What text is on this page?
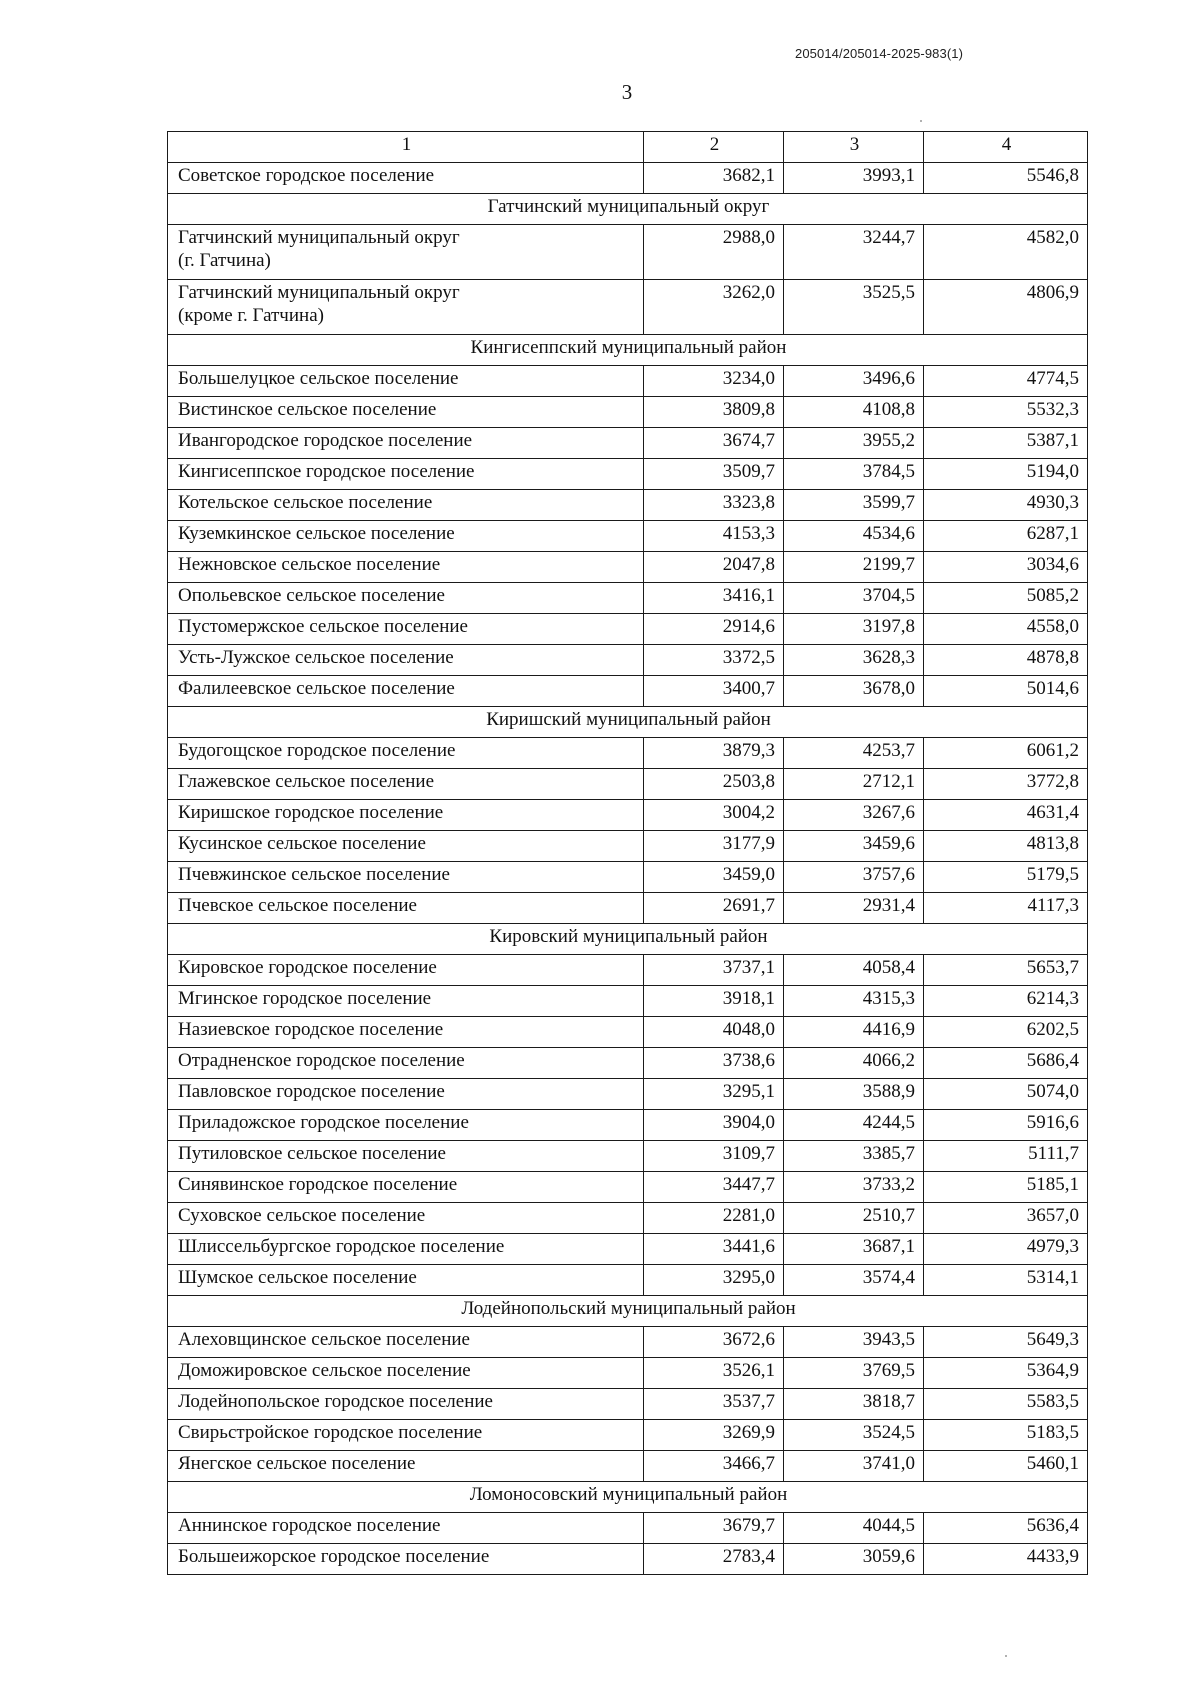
205014/205014-2025-983(1)
3
1	2	3	4

Советское городское поселение	3682,1	3993,1	5546,8
Гатчинский муниципальный округ			

Гатчинский муниципальный округ
(г. Гатчина)	2988,0	3244,7	4582,0

Гатчинский муниципальный округ
(кроме г. Гатчина)	3262,0	3525,5	4806,9
Кингисеппский муниципальный район			

Большелуцкое сельское поселение	3234,0	3496,6	4774,5

Вистинское сельское поселение	3809,8	4108,8	5532,3

Ивангородское городское поселение	3674,7	3955,2	5387,1

Кингисеппское городское поселение	3509,7	3784,5	5194,0

Котельское сельское поселение	3323,8	3599,7	4930,3

Куземкинское сельское поселение	4153,3	4534,6	6287,1

Нежновское сельское поселение	2047,8	2199,7	3034,6

Опольевское сельское поселение	3416,1	3704,5	5085,2

Пустомержское сельское поселение	2914,6	3197,8	4558,0

Усть-Лужское сельское поселение	3372,5	3628,3	4878,8

Фалилеевское сельское поселение	3400,7	3678,0	5014,6
Киришский муниципальный район			

Будогощское городское поселение	3879,3	4253,7	6061,2

Глажевское сельское поселение	2503,8	2712,1	3772,8

Киришское городское поселение	3004,2	3267,6	4631,4

Кусинское сельское поселение	3177,9	3459,6	4813,8

Пчевжинское сельское поселение	3459,0	3757,6	5179,5

Пчевское сельское поселение	2691,7	2931,4	4117,3
Кировский муниципальный район			

Кировское городское поселение	3737,1	4058,4	5653,7

Мгинское городское поселение	3918,1	4315,3	6214,3

Назиевское городское поселение	4048,0	4416,9	6202,5

Отрадненское городское поселение	3738,6	4066,2	5686,4

Павловское городское поселение	3295,1	3588,9	5074,0

Приладожское городское поселение	3904,0	4244,5	5916,6

Путиловское сельское поселение	3109,7	3385,7	5111,7

Синявинское городское поселение	3447,7	3733,2	5185,1

Суховское сельское поселение	2281,0	2510,7	3657,0

Шлиссельбургское городское поселение	3441,6	3687,1	4979,3

Шумское сельское поселение	3295,0	3574,4	5314,1
Лодейнопольский муниципальный район			

Алеховщинское сельское поселение	3672,6	3943,5	5649,3

Доможировское сельское поселение	3526,1	3769,5	5364,9

Лодейнопольское городское поселение	3537,7	3818,7	5583,5

Свирьстройское городское поселение	3269,9	3524,5	5183,5

Янегское сельское поселение	3466,7	3741,0	5460,1
Ломоносовский муниципальный район			

Аннинское городское поселение	3679,7	4044,5	5636,4

Большеижорское городское поселение	2783,4	3059,6	4433,9
